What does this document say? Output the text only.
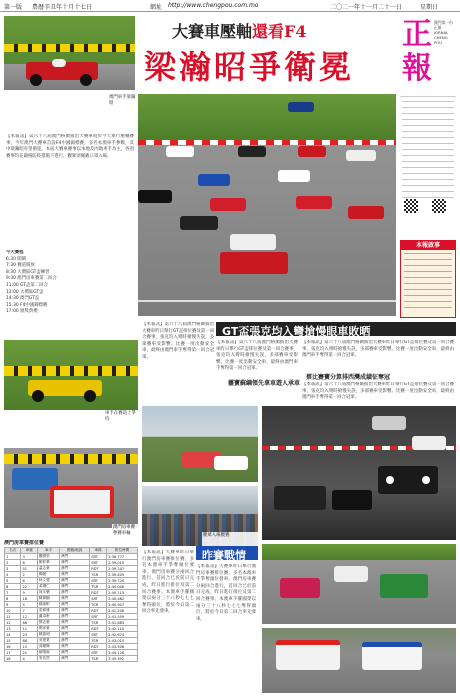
第一版 農曆辛丑年十月十七日	網址 http://www.chengpou.com.mo	二〇二一年十一月二十一日	星期日
澳門車手梁瀚昭
大賽車壓軸還看F4
梁瀚昭爭衛冕
正報
澳門第一份正報 JORNAL CHENG POU
本報啟事

【本報訊】第六十八屆澳門格蘭披治大賽車將於今天舉行壓軸賽事，今年澳門大賽車首設F4中國錦標賽，多名本澳車手參戰，其中梁瀚昭有望衛冕。本屆大賽車賽事以本地及內地車手為主，各項賽事均在嚴格防疫措施下進行，觀眾須佩戴口罩入場。

今天賽程
6:30 開閘
7:30 賽道開放
8:30 大灣區GT盃練習
9:30 澳門房車賽第二回合
11:00 GT盃第二回合
13:00 大灣區GT盃
14:30 澳門GT盃
15:30 F4中國錦標賽
17:00 頒獎典禮
GT盃張克均入彎搶慢眼車敗晒

【本報訊】第六十八屆澳門格蘭披治大賽車昨日舉行GT盃排位賽及第一回合賽事，張克均入彎時搶慢失誤，多部賽車受影響。比賽一度出動安全車，最終由澳門車手奪得第一回合冠軍。

【本報訊】第六十八屆澳門格蘭披治大賽車昨日舉行GT盃排位賽及第一回合賽事，張克均入彎時搶慢失誤，多部賽車受影響。比賽一度出動安全車，最終由澳門車手奪得第一回合冠軍。

靈寶蘇綱領先拿車遊人承車

【本報訊】第六十八屆澳門格蘭披治大賽車昨日舉行GT盃排位賽及第一回合賽事，張克均入彎時搶慢失誤，多部賽車受影響。比賽一度出動安全車，最終由澳門車手奪得第一回合冠軍。

蔡比賽寶分算排西灣成績征奪冠

【本報訊】第六十八屆澳門格蘭披治大賽車昨日舉行GT盃排位賽及第一回合賽事，張克均入彎時搶慢失誤，多部賽車受影響。比賽一度出動安全車，最終由澳門車手奪得第一回合冠軍。

車手在賽道上爭持
澳門房車賽參賽車輛
澳門房車賽排位賽
名次	車號	車手	國籍/地區	車隊	排位時間
1	3	羅國榮	澳門	SRT	2:38.777
2	8	劉仲華	澳門	SRT	2:39.015
3	51	温志豪	澳門	RDT	2:39.247
4	2	楊駿	澳門	TSR	2:39.405
5	6	林文強	澳門	SRT	2:39.720
6	22	黃禮仁	澳門	TSR	2:40.008
7	9	何永樂	澳門	RDT	2:40.115
8	18	陳偉麒	澳門	SRT	2:40.482
9	5	蘇維彬	澳門	TSR	2:40.907
10	7	梁偉雄	澳門	RDT	2:41.206
11	12	盧卓軒	澳門	SRT	2:41.559
12	66	鄧志豪	澳門	TSR	2:41.883
13	11	鄭家豪	澳門	RDT	2:42.110
14	23	陳嘉明	澳門	SRT	2:42.674
15	88	吳建業	澳門	TSR	2:43.015
16	15	馮耀輝	澳門	RDT	2:43.506
17	21	歐陽銳	澳門	SRT	2:44.128
18	4	麥浩然	澳門	TSR	2:45.392
觀眾入場觀賽
昨賽戰情

【本報訊】大賽車昨日舉行澳門房車賽排位賽，多名本澳車手爭奪頭位發車。澳門房車賽分兩回合進行，首回合已於前日完成，昨日進行排位及第二回合賽事。本澳車手羅國榮以兩分三十八秒七七七奪得頭位，將於今日第二回合率先發車。

【本報訊】大賽車昨日舉行澳門房車賽排位賽，多名本澳車手爭奪頭位發車。澳門房車賽分兩回合進行，首回合已於前日完成，昨日進行排位及第二回合賽事。本澳車手羅國榮以兩分三十八秒七七七奪得頭位，將於今日第二回合率先發車。
